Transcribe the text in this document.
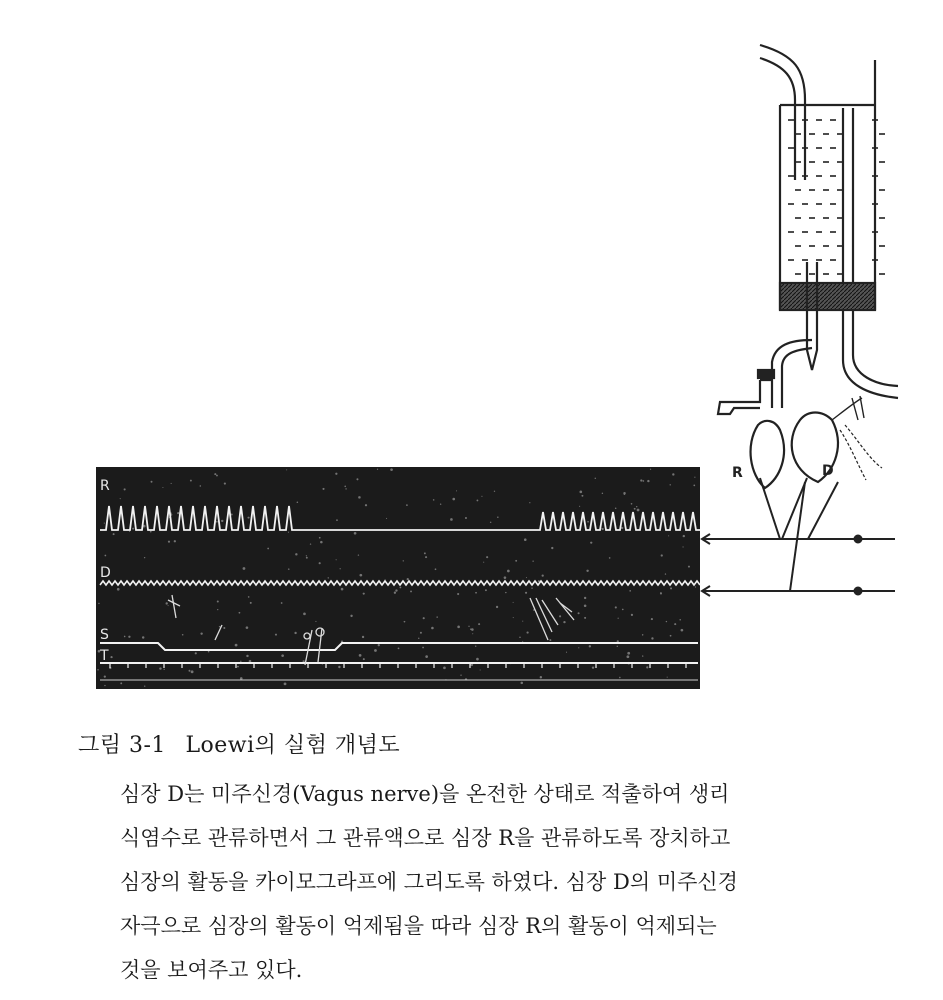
R
D
S
T
R	D
그림 3-1 Loewi의 실험 개념도
심장 D는 미주신경(Vagus nerve)을 온전한 상태로 적출하여 생리
식염수로 관류하면서 그 관류액으로 심장 R을 관류하도록 장치하고
심장의 활동을 카이모그라프에 그리도록 하였다. 심장 D의 미주신경
자극으로 심장의 활동이 억제됨을 따라 심장 R의 활동이 억제되는
것을 보여주고 있다.
